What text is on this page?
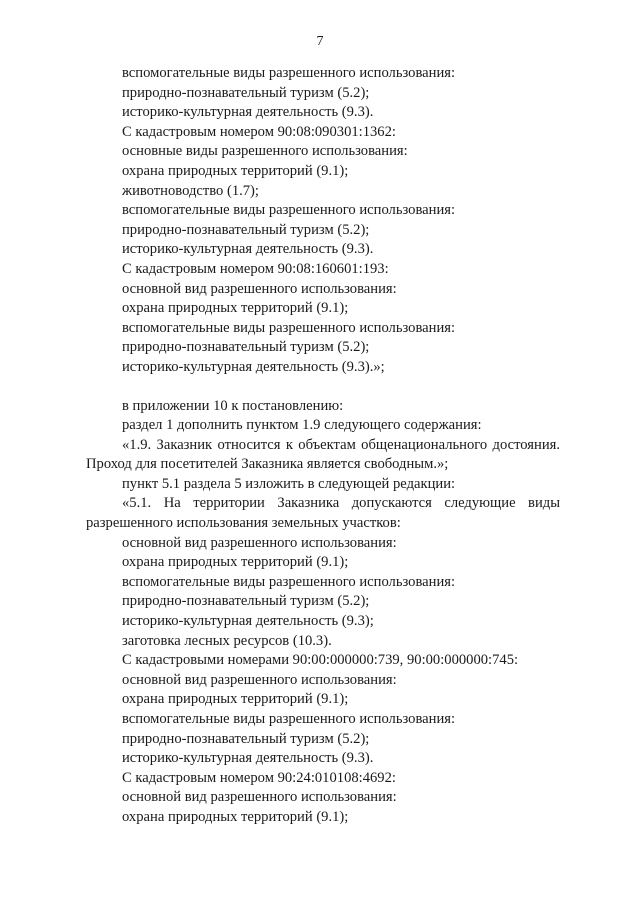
7
вспомогательные виды разрешенного использования:
природно-познавательный туризм (5.2);
историко-культурная деятельность (9.3).
С кадастровым номером 90:08:090301:1362:
основные виды разрешенного использования:
охрана природных территорий (9.1);
животноводство (1.7);
вспомогательные виды разрешенного использования:
природно-познавательный туризм (5.2);
историко-культурная деятельность (9.3).
С кадастровым номером 90:08:160601:193:
основной вид разрешенного использования:
охрана природных территорий (9.1);
вспомогательные виды разрешенного использования:
природно-познавательный туризм (5.2);
историко-культурная деятельность (9.3).»;
в приложении 10 к постановлению:
раздел 1 дополнить пунктом 1.9 следующего содержания:
«1.9. Заказник относится к объектам общенационального достояния.
Проход для посетителей Заказника является свободным.»;
пункт 5.1 раздела 5 изложить в следующей редакции:
«5.1. На территории Заказника допускаются следующие виды
разрешенного использования земельных участков:
основной вид разрешенного использования:
охрана природных территорий (9.1);
вспомогательные виды разрешенного использования:
природно-познавательный туризм (5.2);
историко-культурная деятельность (9.3);
заготовка лесных ресурсов (10.3).
С кадастровыми номерами 90:00:000000:739, 90:00:000000:745:
основной вид разрешенного использования:
охрана природных территорий (9.1);
вспомогательные виды разрешенного использования:
природно-познавательный туризм (5.2);
историко-культурная деятельность (9.3).
С кадастровым номером 90:24:010108:4692:
основной вид разрешенного использования:
охрана природных территорий (9.1);
